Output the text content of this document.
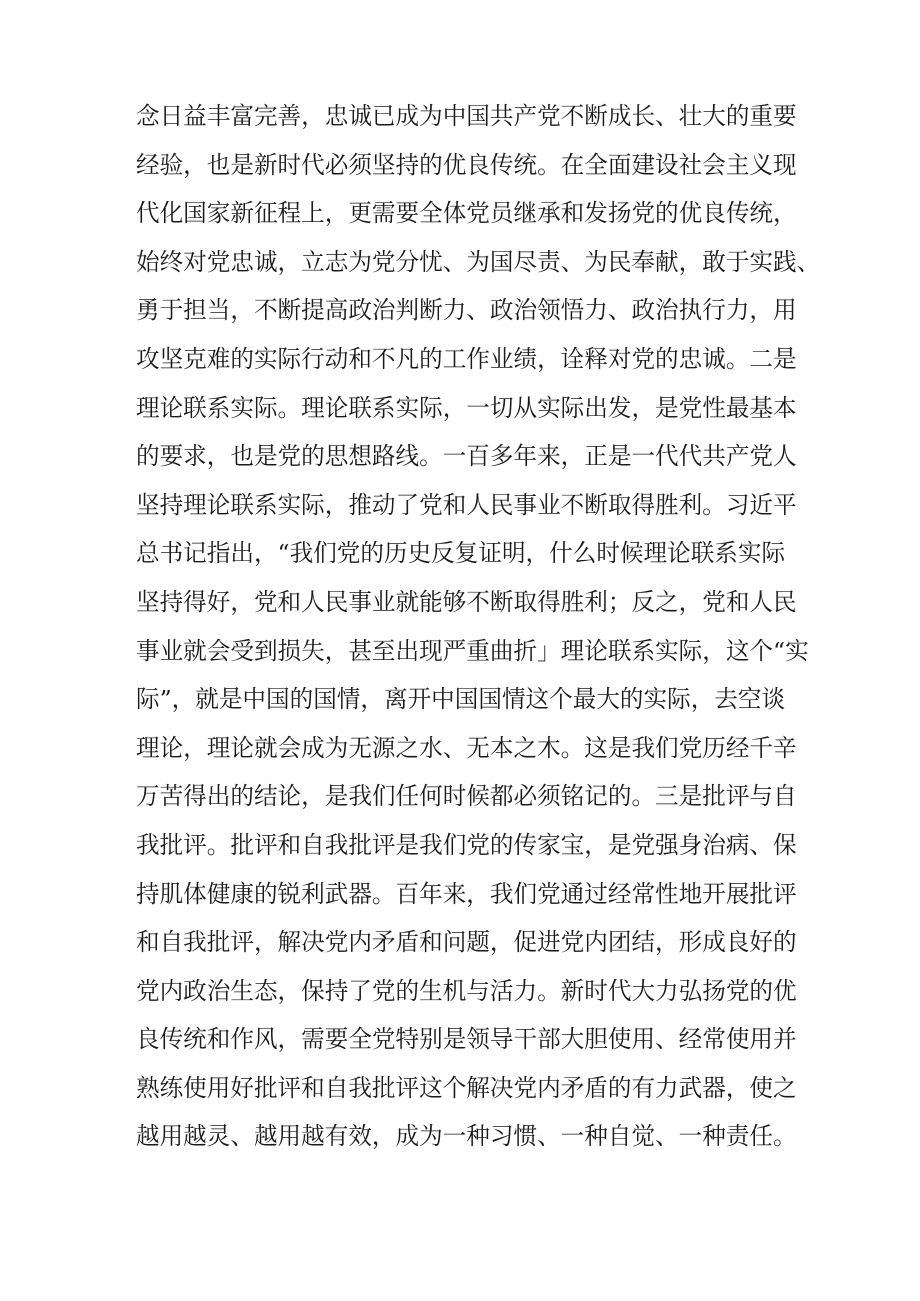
念日益丰富完善，忠诚已成为中国共产党不断成长、壮大的重要
经验，也是新时代必须坚持的优良传统。在全面建设社会主义现
代化国家新征程上，更需要全体党员继承和发扬党的优良传统，
始终对党忠诚，立志为党分忧、为国尽责、为民奉献，敢于实践、
勇于担当，不断提高政治判断力、政治领悟力、政治执行力，用
攻坚克难的实际行动和不凡的工作业绩，诠释对党的忠诚。二是
理论联系实际。理论联系实际，一切从实际出发，是党性最基本
的要求，也是党的思想路线。一百多年来，正是一代代共产党人
坚持理论联系实际，推动了党和人民事业不断取得胜利。习近平
总书记指出，“我们党的历史反复证明，什么时候理论联系实际
坚持得好，党和人民事业就能够不断取得胜利；反之，党和人民
事业就会受到损失，甚至出现严重曲折」理论联系实际，这个“实
际”，就是中国的国情，离开中国国情这个最大的实际，去空谈
理论，理论就会成为无源之水、无本之木。这是我们党历经千辛
万苦得出的结论，是我们任何时候都必须铭记的。三是批评与自
我批评。批评和自我批评是我们党的传家宝，是党强身治病、保
持肌体健康的锐利武器。百年来，我们党通过经常性地开展批评
和自我批评，解决党内矛盾和问题，促进党内团结，形成良好的
党内政治生态，保持了党的生机与活力。新时代大力弘扬党的优
良传统和作风，需要全党特别是领导干部大胆使用、经常使用并
熟练使用好批评和自我批评这个解决党内矛盾的有力武器，使之
越用越灵、越用越有效，成为一种习惯、一种自觉、一种责任。
